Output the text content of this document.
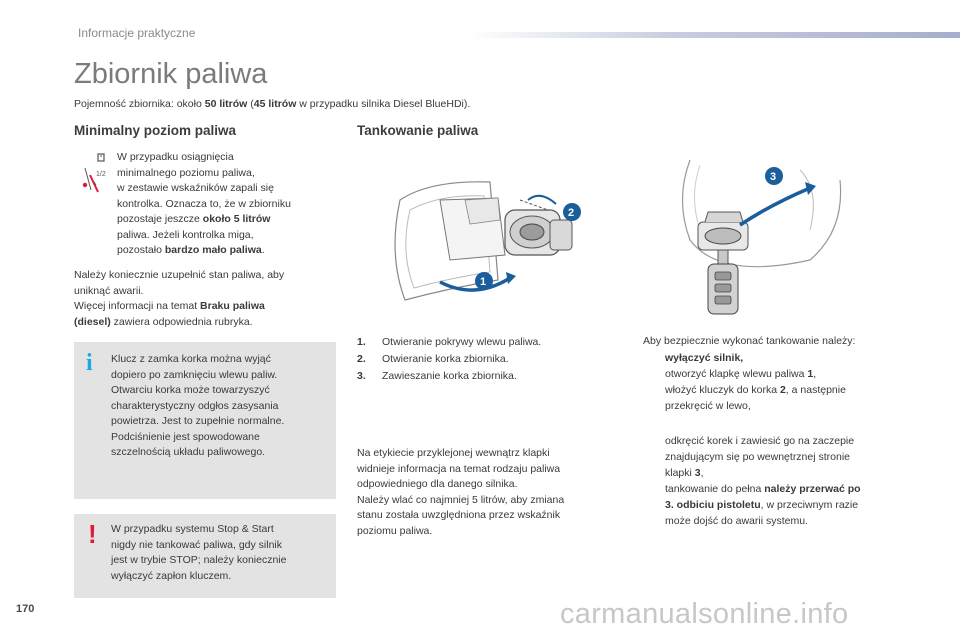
Informacje praktyczne
Zbiornik paliwa
Pojemność zbiornika: około 50 litrów (45 litrów w przypadku silnika Diesel BlueHDi).
Minimalny poziom paliwa
1/2
W przypadku osiągnięcia
minimalnego poziomu paliwa,
w zestawie wskaźników zapali się
kontrolka. Oznacza to, że w zbiorniku
pozostaje jeszcze około 5 litrów
paliwa. Jeżeli kontrolka miga,
pozostało bardzo mało paliwa.
Należy koniecznie uzupełnić stan paliwa, aby
uniknąć awarii.
Więcej informacji na temat Braku paliwa
(diesel) zawiera odpowiednia rubryka.
i Klucz z zamka korka można wyjąć
dopiero po zamknięciu wlewu paliw.
Otwarciu korka może towarzyszyć
charakterystyczny odgłos zasysania
powietrza. Jest to zupełnie normalne.
Podciśnienie jest spowodowane
szczelnością układu paliwowego.
! W przypadku systemu Stop & Start
nigdy nie tankować paliwa, gdy silnik
jest w trybie STOP; należy koniecznie
wyłączyć zapłon kluczem.
Tankowanie paliwa
1
2
3
1. Otwieranie pokrywy wlewu paliwa.
2. Otwieranie korka zbiornika.
3. Zawieszanie korka zbiornika.
Na etykiecie przyklejonej wewnątrz klapki
widnieje informacja na temat rodzaju paliwa
odpowiedniego dla danego silnika.
Należy wlać co najmniej 5 litrów, aby zmiana
stanu została uwzględniona przez wskaźnik
poziomu paliwa.
Aby bezpiecznie wykonać tankowanie należy:
wyłączyć silnik,
otworzyć klapkę wlewu paliwa 1,
włożyć kluczyk do korka 2, a następnie
przekręcić w lewo,
odkręcić korek i zawiesić go na zaczepie
znajdującym się po wewnętrznej stronie
klapki 3,
tankowanie do pełna należy przerwać po
3. odbiciu pistoletu, w przeciwnym razie
może dojść do awarii systemu.
170	carmanualsonline.info
